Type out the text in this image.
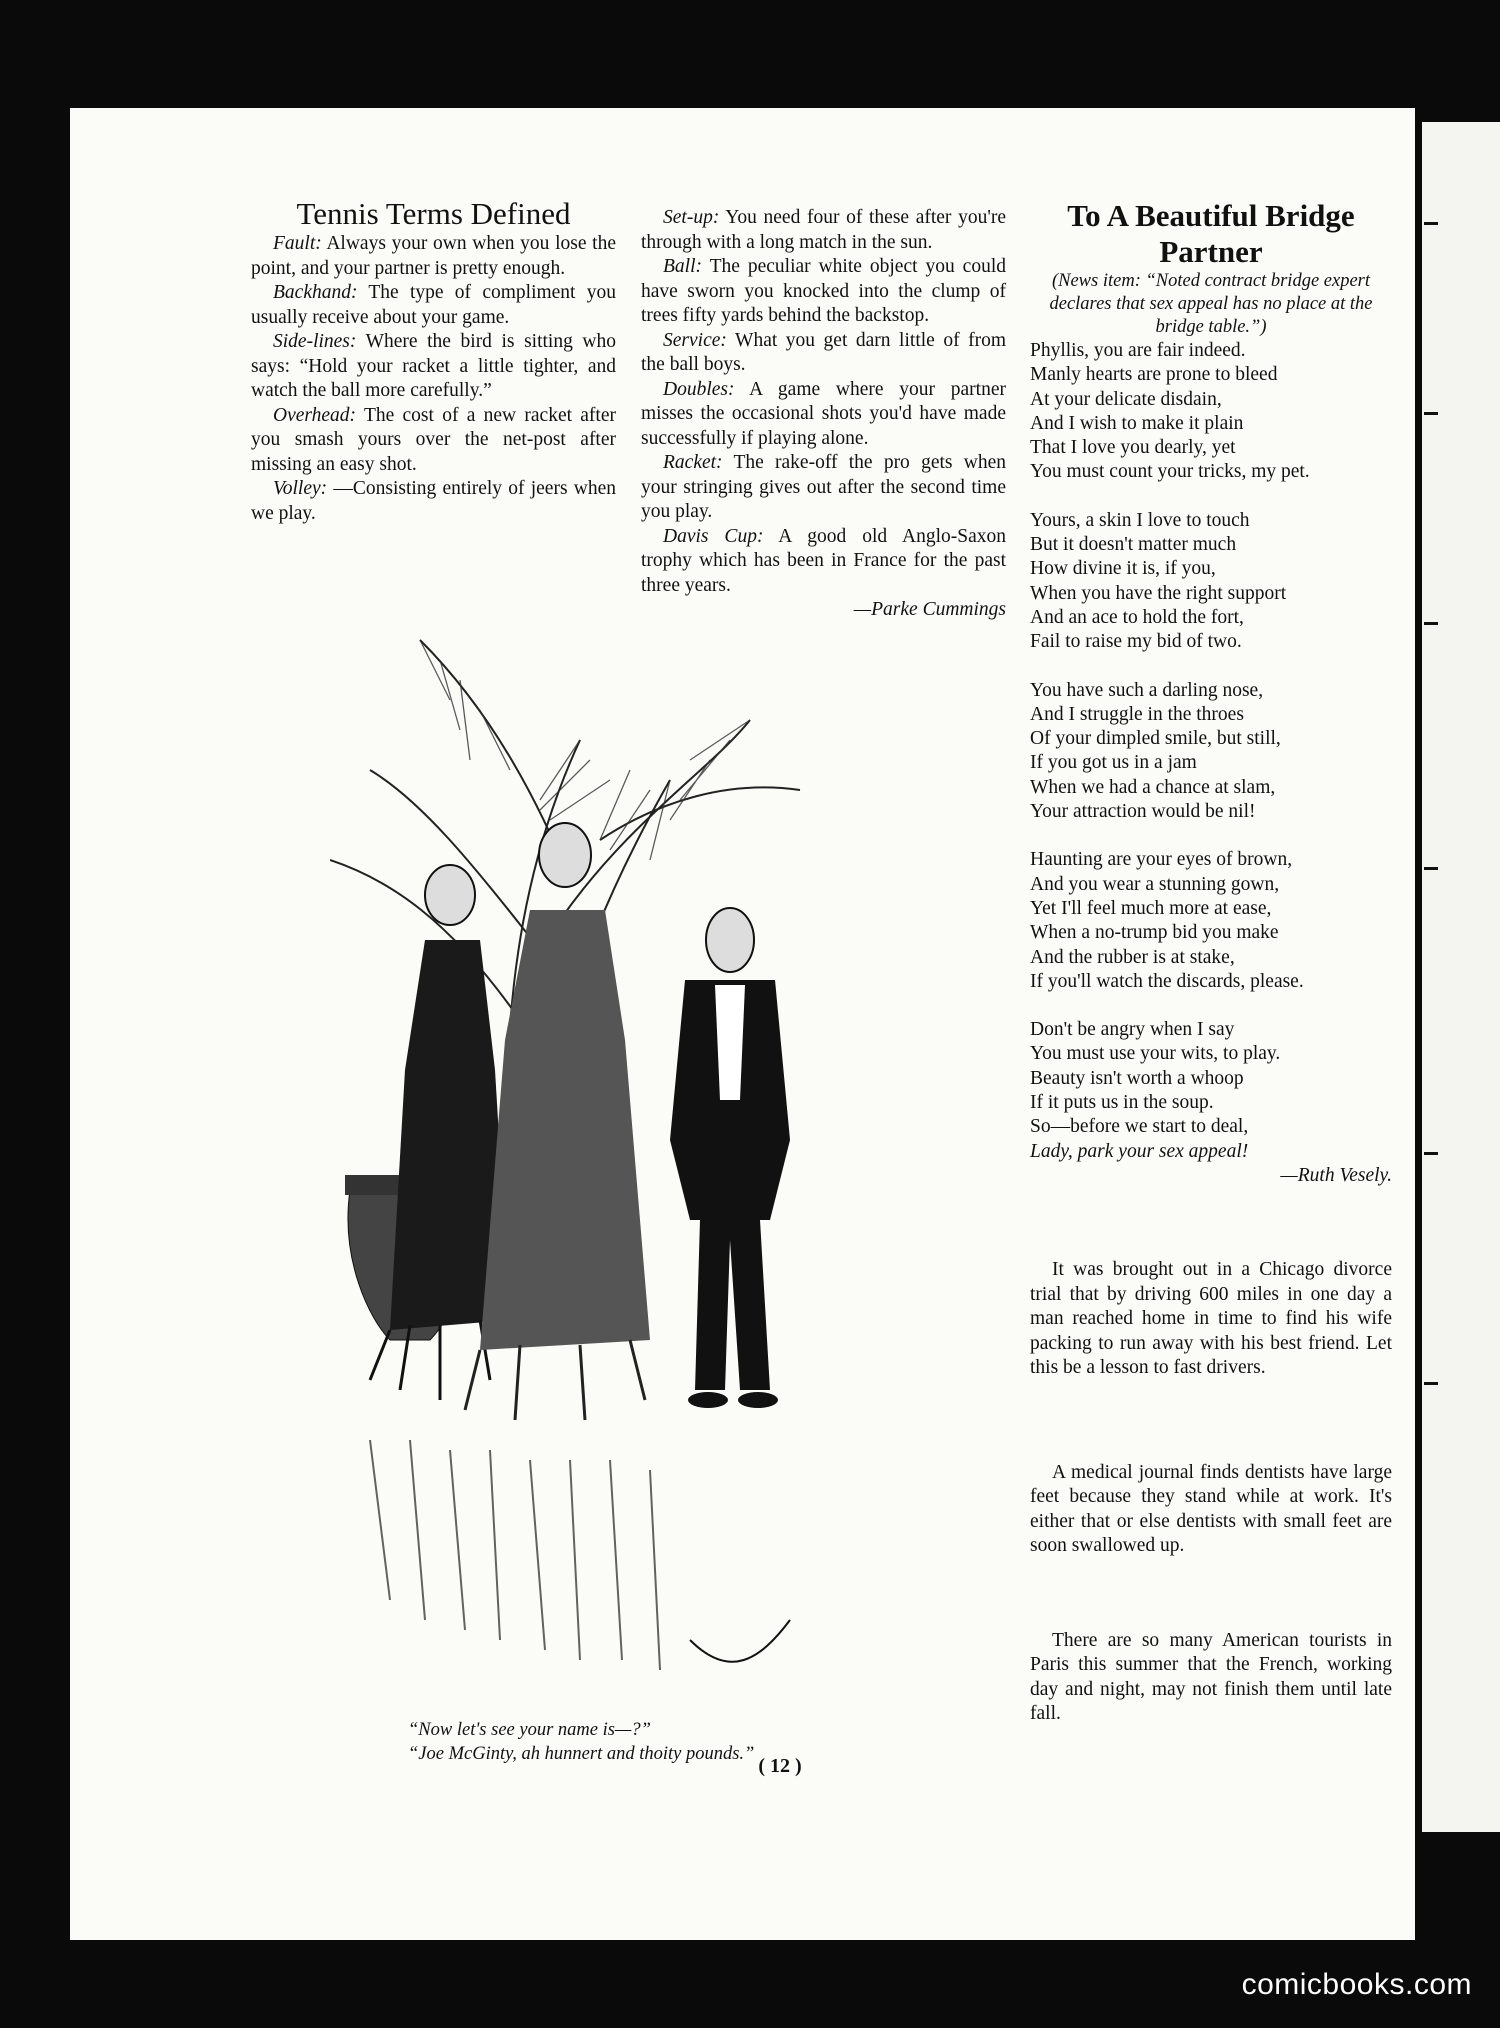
Tennis Terms Defined

Fault: Always your own when you lose the point, and your partner is pretty enough.

Backhand: The type of compliment you usually receive about your game.

Side-lines: Where the bird is sitting who says: “Hold your racket a little tighter, and watch the ball more carefully.”

Overhead: The cost of a new racket after you smash yours over the net-post after missing an easy shot.

Volley: —Consisting entirely of jeers when we play.

Set-up: You need four of these after you're through with a long match in the sun.

Ball: The peculiar white object you could have sworn you knocked into the clump of trees fifty yards behind the backstop.

Service: What you get darn little of from the ball boys.

Doubles: A game where your partner misses the occasional shots you'd have made successfully if playing alone.

Racket: The rake-off the pro gets when your stringing gives out after the second time you play.

Davis Cup: A good old Anglo-Saxon trophy which has been in France for the past three years.

—Parke Cummings
To A Beautiful Bridge Partner

(News item: “Noted contract bridge expert declares that sex appeal has no place at the bridge table.”)

Phyllis, you are fair indeed.
Manly hearts are prone to bleed
At your delicate disdain,
And I wish to make it plain
That I love you dearly, yet
You must count your tricks, my pet.
Yours, a skin I love to touch
But it doesn't matter much
How divine it is, if you,
When you have the right support
And an ace to hold the fort,
Fail to raise my bid of two.
You have such a darling nose,
And I struggle in the throes
Of your dimpled smile, but still,
If you got us in a jam
When we had a chance at slam,
Your attraction would be nil!
Haunting are your eyes of brown,
And you wear a stunning gown,
Yet I'll feel much more at ease,
When a no-trump bid you make
And the rubber is at stake,
If you'll watch the discards, please.
Don't be angry when I say
You must use your wits, to play.
Beauty isn't worth a whoop
If it puts us in the soup.
So—before we start to deal,
Lady, park your sex appeal!
—Ruth Vesely.

It was brought out in a Chicago divorce trial that by driving 600 miles in one day a man reached home in time to find his wife packing to run away with his best friend. Let this be a lesson to fast drivers.

A medical journal finds dentists have large feet because they stand while at work. It's either that or else dentists with small feet are soon swallowed up.

There are so many American tourists in Paris this summer that the French, working day and night, may not finish them until late fall.

“Now let's see your name is—?”
“Joe McGinty, ah hunnert and thoity pounds.”
( 12 )
comicbooks.com
